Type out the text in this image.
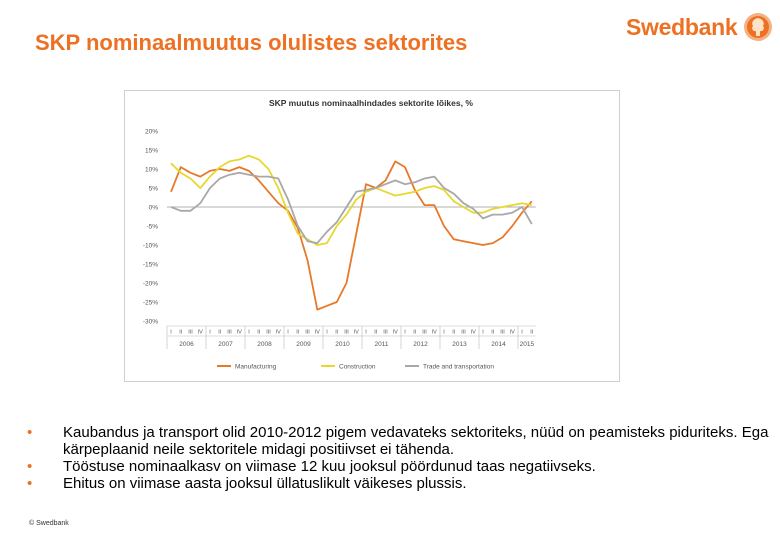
SKP nominaalmuutus olulistes sektorites
Swedbank
SKP muutus nominaalhindades sektorite lõikes, %
20%
15%
10%
5%
0%
-5%
-10%
-15%
-20%
-25%
-30%
I II III IV I II III IV I II III IV I II III IV I II III IV I II III IV I II III IV I II III IV I II III IV I II
2006	2007	2008	2009	2010	2011	2012	2013	2014 2015
Manufacturing	Construction	Trade and transportation
•	Kaubandus ja transport olid 2010-2012 pigem vedavateks sektoriteks, nüüd on peamisteks piduriteks. Ega kärpeplaanid neile sektoritele midagi positiivset ei tähenda.
•	Tööstuse nominaalkasv on viimase 12 kuu jooksul pöördunud taas negatiivseks.
•	Ehitus on viimase aasta jooksul üllatuslikult väikeses plussis.
© Swedbank
